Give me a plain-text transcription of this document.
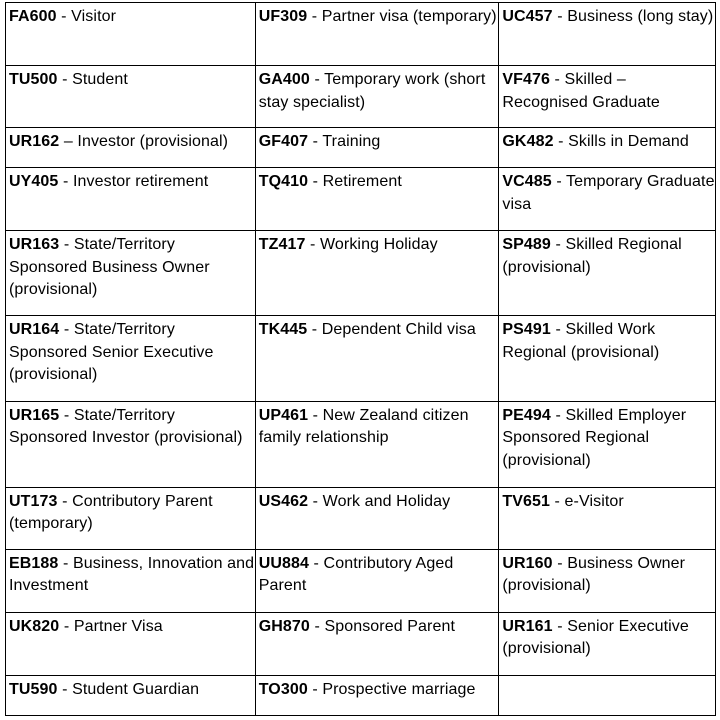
FA600 - Visitor	UF309 - Partner visa (temporary)	UC457 - Business (long stay)
TU500 - Student	GA400 - Temporary work (short stay specialist)	VF476 - Skilled – Recognised Graduate
UR162 – Investor (provisional)	GF407 - Training	GK482 - Skills in Demand
UY405 - Investor retirement	TQ410 - Retirement	VC485 - Temporary Graduate visa
UR163 - State/Territory Sponsored Business Owner (provisional)	TZ417 - Working Holiday	SP489 - Skilled Regional (provisional)
UR164 - State/Territory Sponsored Senior Executive (provisional)	TK445 - Dependent Child visa	PS491 - Skilled Work Regional (provisional)
UR165 - State/Territory Sponsored Investor (provisional)	UP461 - New Zealand citizen family relationship	PE494 - Skilled Employer Sponsored Regional (provisional)
UT173 - Contributory Parent (temporary)	US462 - Work and Holiday	TV651 - e-Visitor
EB188 - Business, Innovation and Investment	UU884 - Contributory Aged Parent	UR160 - Business Owner (provisional)
UK820 - Partner Visa	GH870 - Sponsored Parent	UR161 - Senior Executive (provisional)
TU590 - Student Guardian	TO300 - Prospective marriage	
